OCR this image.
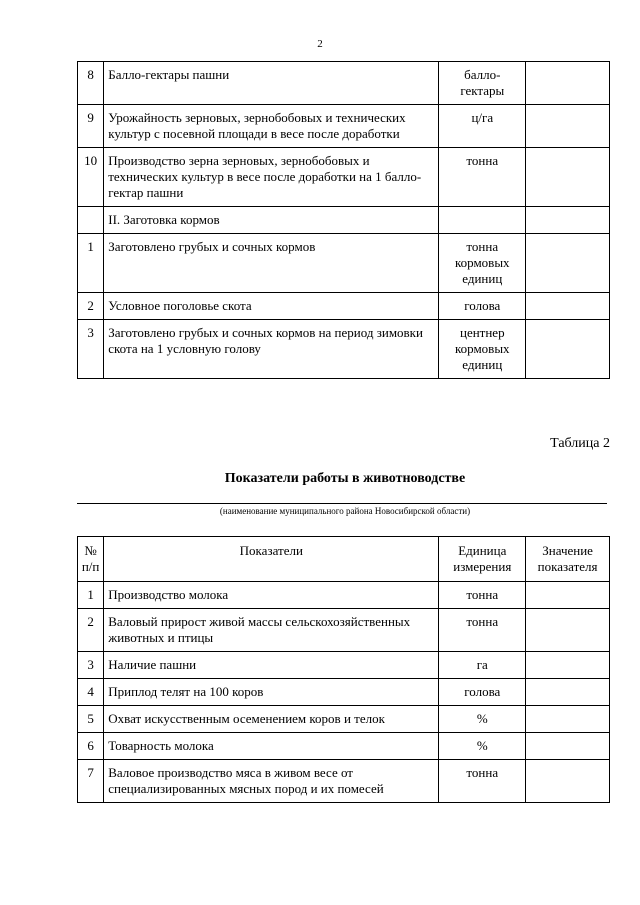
2
8	Балло-гектары пашни	балло-
гектары	
9	Урожайность зерновых, зернобобовых и технических культур с посевной площади в весе после доработки	ц/га	
10	Производство зерна зерновых, зернобобовых и технических культур в весе после доработки на 1 балло-гектар пашни	тонна	
	II. Заготовка кормов		
1	Заготовлено грубых и сочных кормов	тонна кормовых единиц	
2	Условное поголовье скота	голова	
3	Заготовлено грубых и сочных кормов на период зимовки скота на 1 условную голову	центнер кормовых единиц	
Таблица 2
Показатели работы в животноводстве
(наименование муниципального района Новосибирской области)
№
п/п	Показатели	Единица измерения	Значение показателя
1	Производство молока	тонна	
2	Валовый прирост живой массы сельскохозяйственных животных и птицы	тонна	
3	Наличие пашни	га	
4	Приплод телят на 100 коров	голова	
5	Охват искусственным осеменением коров и телок	%	
6	Товарность молока	%	
7	Валовое производство мяса в живом весе от специализированных мясных пород и их помесей	тонна	
